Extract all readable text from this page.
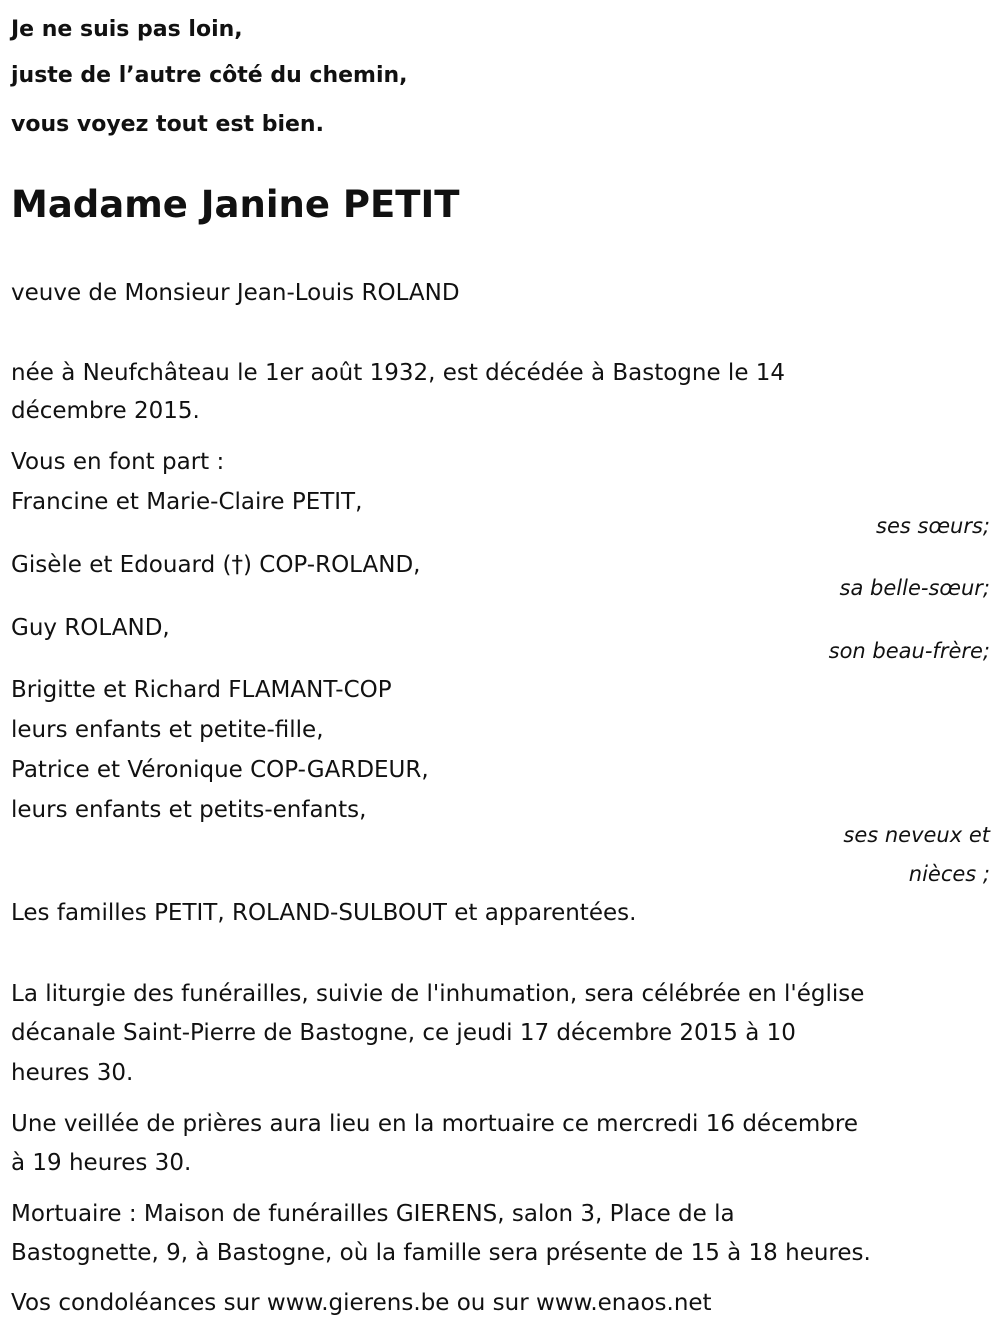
Je ne suis pas loin,
juste de l’autre côté du chemin,
vous voyez tout est bien.
Madame Janine PETIT
veuve de Monsieur Jean-Louis ROLAND
née à Neufchâteau le 1er août 1932, est décédée à Bastogne le 14
décembre 2015.
Vous en font part :
Francine et Marie-Claire PETIT,
ses sœurs;
Gisèle et Edouard (†) COP-ROLAND,
sa belle-sœur;
Guy ROLAND,
son beau-frère;
Brigitte et Richard FLAMANT-COP
leurs enfants et petite-fille,
Patrice et Véronique COP-GARDEUR,
leurs enfants et petits-enfants,
ses neveux et
nièces ;
Les familles PETIT, ROLAND-SULBOUT et apparentées.
La liturgie des funérailles, suivie de l'inhumation, sera célébrée en l'église
décanale Saint-Pierre de Bastogne, ce jeudi 17 décembre 2015 à 10
heures 30.
Une veillée de prières aura lieu en la mortuaire ce mercredi 16 décembre
à 19 heures 30.
Mortuaire : Maison de funérailles GIERENS, salon 3, Place de la
Bastognette, 9, à Bastogne, où la famille sera présente de 15 à 18 heures.
Vos condoléances sur www.gierens.be ou sur www.enaos.net
